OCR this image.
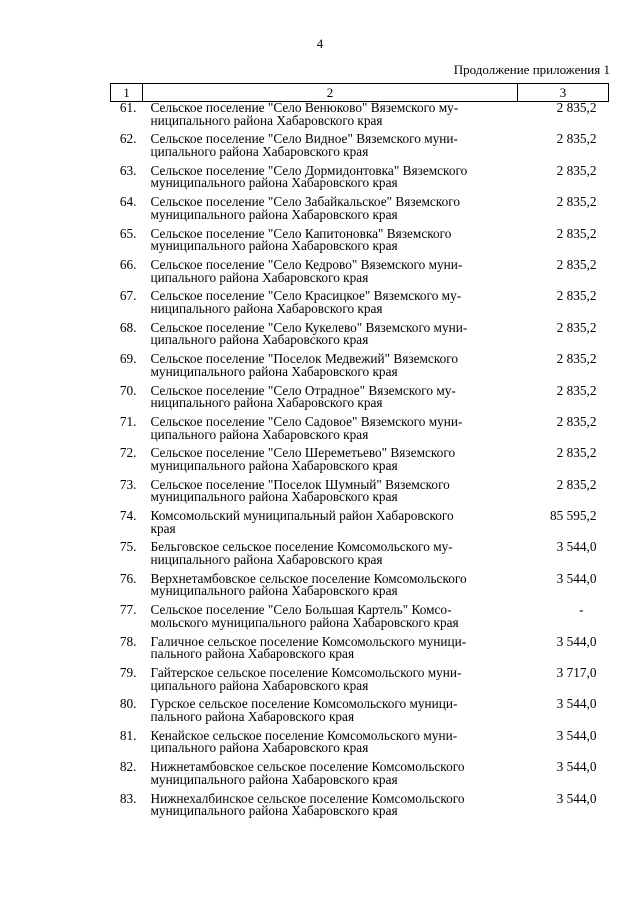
4
Продолжение приложения 1
1	2	3
61.	Сельское поселение "Село Венюково" Вяземского му-
ниципального района Хабаровского края	2 835,2
62.	Сельское поселение "Село Видное" Вяземского муни-
ципального района Хабаровского края	2 835,2
63.	Сельское поселение "Село Дормидонтовка" Вяземского
муниципального района Хабаровского края	2 835,2
64.	Сельское поселение "Село Забайкальское" Вяземского
муниципального района Хабаровского края	2 835,2
65.	Сельское поселение "Село Капитоновка" Вяземского
муниципального района Хабаровского края	2 835,2
66.	Сельское поселение "Село Кедрово" Вяземского муни-
ципального района Хабаровского края	2 835,2
67.	Сельское поселение "Село Красицкое" Вяземского му-
ниципального района Хабаровского края	2 835,2
68.	Сельское поселение "Село Кукелево" Вяземского муни-
ципального района Хабаровского края	2 835,2
69.	Сельское поселение "Поселок Медвежий" Вяземского
муниципального района Хабаровского края	2 835,2
70.	Сельское поселение "Село Отрадное" Вяземского му-
ниципального района Хабаровского края	2 835,2
71.	Сельское поселение "Село Садовое" Вяземского муни-
ципального района Хабаровского края	2 835,2
72.	Сельское поселение "Село Шереметьево" Вяземского
муниципального района Хабаровского края	2 835,2
73.	Сельское поселение "Поселок Шумный" Вяземского
муниципального района Хабаровского края	2 835,2
74.	Комсомольский муниципальный район Хабаровского
края	85 595,2
75.	Бельговское сельское поселение Комсомольского му-
ниципального района Хабаровского края	3 544,0
76.	Верхнетамбовское сельское поселение Комсомольского
муниципального района Хабаровского края	3 544,0
77.	Сельское поселение "Село Большая Картель" Комсо-
мольского муниципального района Хабаровского края	-
78.	Галичное сельское поселение Комсомольского муници-
пального района Хабаровского края	3 544,0
79.	Гайтерское сельское поселение Комсомольского муни-
ципального района Хабаровского края	3 717,0
80.	Гурское сельское поселение Комсомольского муници-
пального района Хабаровского края	3 544,0
81.	Кенайское сельское поселение Комсомольского муни-
ципального района Хабаровского края	3 544,0
82.	Нижнетамбовское сельское поселение Комсомольского
муниципального района Хабаровского края	3 544,0
83.	Нижнехалбинское сельское поселение Комсомольского
муниципального района Хабаровского края	3 544,0
